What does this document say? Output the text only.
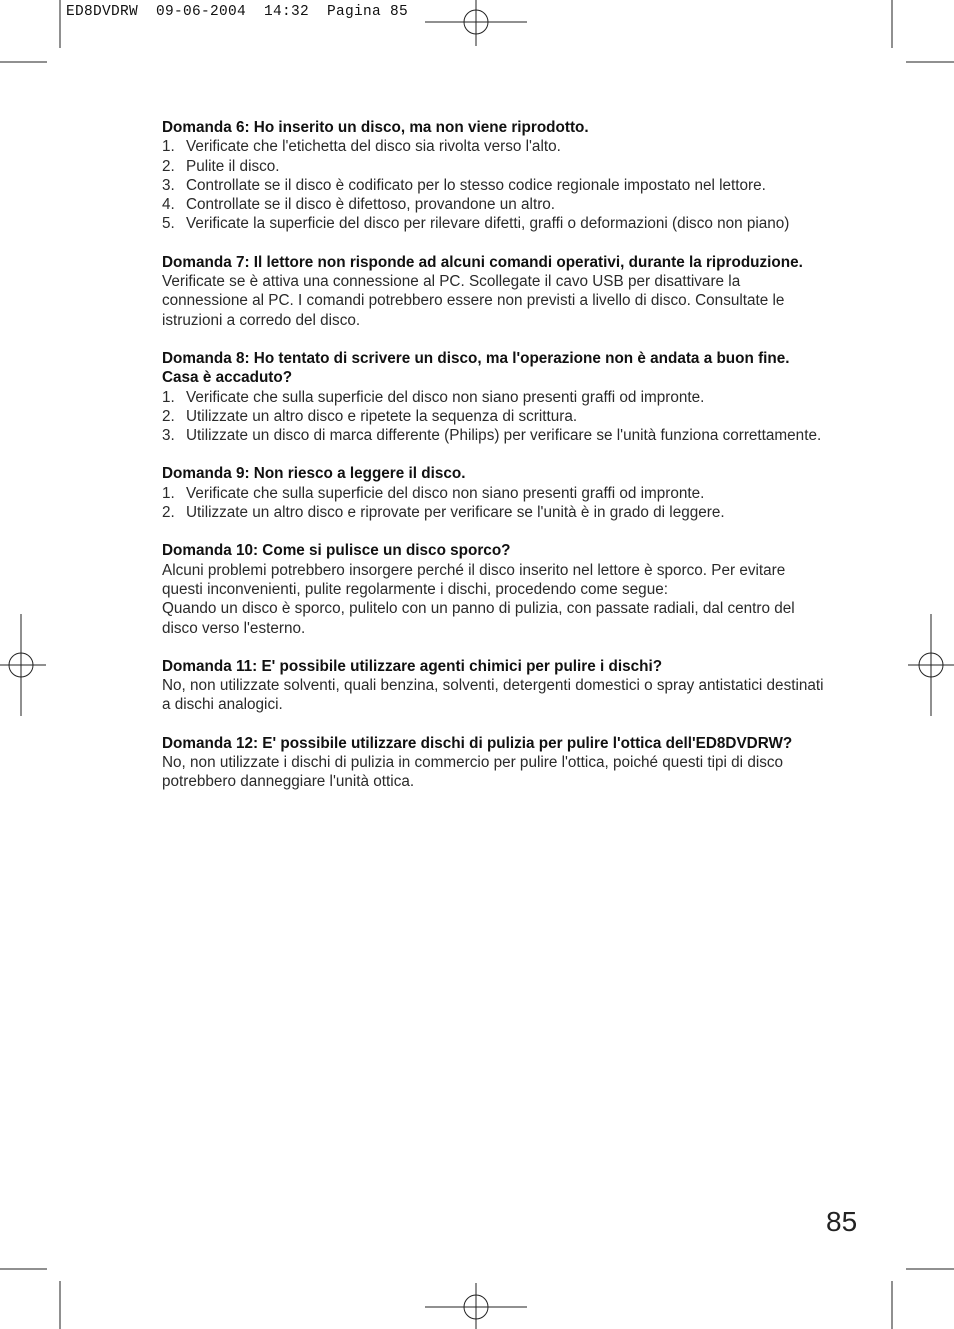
ED8DVDRW  09-06-2004  14:32  Pagina 85

Domanda 6: Ho inserito un disco, ma non viene riprodotto.

1. Verificate che l'etichetta del disco sia rivolta verso l'alto.
2. Pulite il disco.
3. Controllate se il disco è codificato per lo stesso codice regionale impostato nel lettore.
4. Controllate se il disco è difettoso, provandone un altro.
5. Verificate la superficie del disco per rilevare difetti, graffi o deformazioni (disco non piano)

Domanda 7: Il lettore non risponde ad alcuni comandi operativi, durante la riproduzione.

Verificate se è attiva una connessione al PC. Scollegate il cavo USB per disattivare la connessione al PC. I comandi potrebbero essere non previsti a livello di disco. Consultate le istruzioni a corredo del disco.

Domanda 8: Ho tentato di scrivere un disco, ma l'operazione non è andata a buon fine. Casa è accaduto?

1. Verificate che sulla superficie del disco non siano presenti graffi od impronte.
2. Utilizzate un altro disco e ripetete la sequenza di scrittura.
3. Utilizzate un disco di marca differente (Philips) per verificare se l'unità funziona correttamente.

Domanda 9: Non riesco a leggere il disco.

1. Verificate che sulla superficie del disco non siano presenti graffi od impronte.
2. Utilizzate un altro disco e riprovate per verificare se l'unità è in grado di leggere.

Domanda 10: Come si pulisce un disco sporco?

Alcuni problemi potrebbero insorgere perché il disco inserito nel lettore è sporco. Per evitare questi inconvenienti, pulite regolarmente i dischi, procedendo come segue:

Quando un disco è sporco, pulitelo con un panno di pulizia, con passate radiali, dal centro del disco verso l'esterno.

Domanda 11: E' possibile utilizzare agenti chimici per pulire i dischi?

No, non utilizzate solventi, quali benzina, solventi, detergenti domestici o spray antistatici destinati a dischi analogici.

Domanda 12: E' possibile utilizzare dischi di pulizia per pulire l'ottica dell'ED8DVDRW?

No, non utilizzate i dischi di pulizia in commercio per pulire l'ottica, poiché questi tipi di disco potrebbero danneggiare l'unità ottica.

85
